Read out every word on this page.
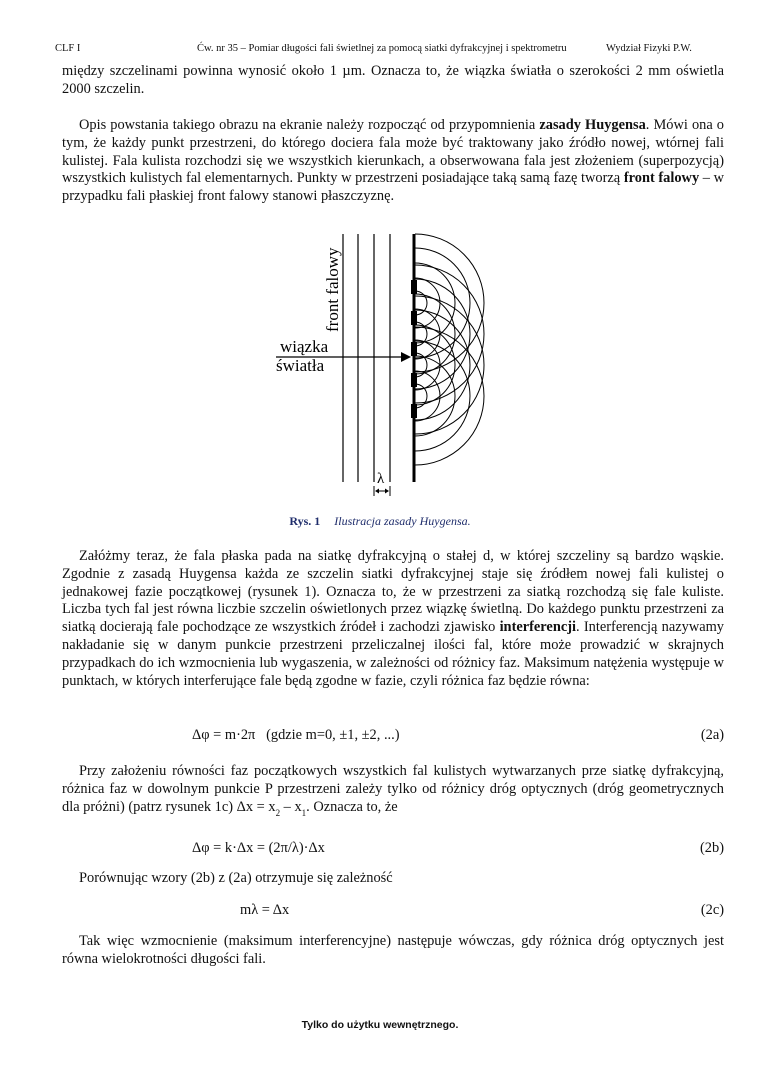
CLF I	Ćw. nr 35 – Pomiar długości fali świetlnej za pomocą siatki dyfrakcyjnej i spektrometru	Wydział Fizyki P.W.

między szczelinami powinna wynosić około 1 µm. Oznacza to, że wiązka światła o szerokości 2 mm oświetla 2000 szczelin.

Opis powstania takiego obrazu na ekranie należy rozpocząć od przypomnienia zasady Huygensa. Mówi ona o tym, że każdy punkt przestrzeni, do którego dociera fala może być traktowany jako źródło nowej, wtórnej fali kulistej. Fala kulista rozchodzi się we wszystkich kierunkach, a obserwowana fala jest złożeniem (superpozycją) wszystkich kulistych fal elementarnych. Punkty w przestrzeni posiadające taką samą fazę tworzą front falowy – w przypadku fali płaskiej front falowy stanowi płaszczyznę.

front falowy
wiązka
światła
λ
Rys. 1 Ilustracja zasady Huygensa.

Załóżmy teraz, że fala płaska pada na siatkę dyfrakcyjną o stałej d, w której szczeliny są bardzo wąskie. Zgodnie z zasadą Huygensa każda ze szczelin siatki dyfrakcyjnej staje się źródłem nowej fali kulistej o jednakowej fazie początkowej (rysunek 1). Oznacza to, że w przestrzeni za siatką rozchodzą się fale kuliste. Liczba tych fal jest równa liczbie szczelin oświetlonych przez wiązkę świetlną. Do każdego punktu przestrzeni za siatką docierają fale pochodzące ze wszystkich źródeł i zachodzi zjawisko interferencji. Interferencją nazywamy nakładanie się w danym punkcie przestrzeni przeliczalnej ilości fal, które może prowadzić w skrajnych przypadkach do ich wzmocnienia lub wygaszenia, w zależności od różnicy faz. Maksimum natężenia występuje w punktach, w których interferujące fale będą zgodne w fazie, czyli różnica faz będzie równa:

Δφ = m·2π   (gdzie m=0, ±1, ±2, ...)	(2a)

Przy założeniu równości faz początkowych wszystkich fal kulistych wytwarzanych prze siatkę dyfrakcyjną, różnica faz w dowolnym punkcie P przestrzeni zależy tylko od różnicy dróg optycznych (dróg geometrycznych dla próżni) (patrz rysunek 1c) $\Delta x = x_2 - x_1$. Oznacza to, że

Δφ = k·Δx = (2π/λ)·Δx	(2b)

Porównując wzory (2b) z (2a) otrzymuje się zależność

mλ = Δx	(2c)

Tak więc wzmocnienie (maksimum interferencyjne) następuje wówczas, gdy różnica dróg optycznych jest równa wielokrotności długości fali.

Tylko do użytku wewnętrznego.
